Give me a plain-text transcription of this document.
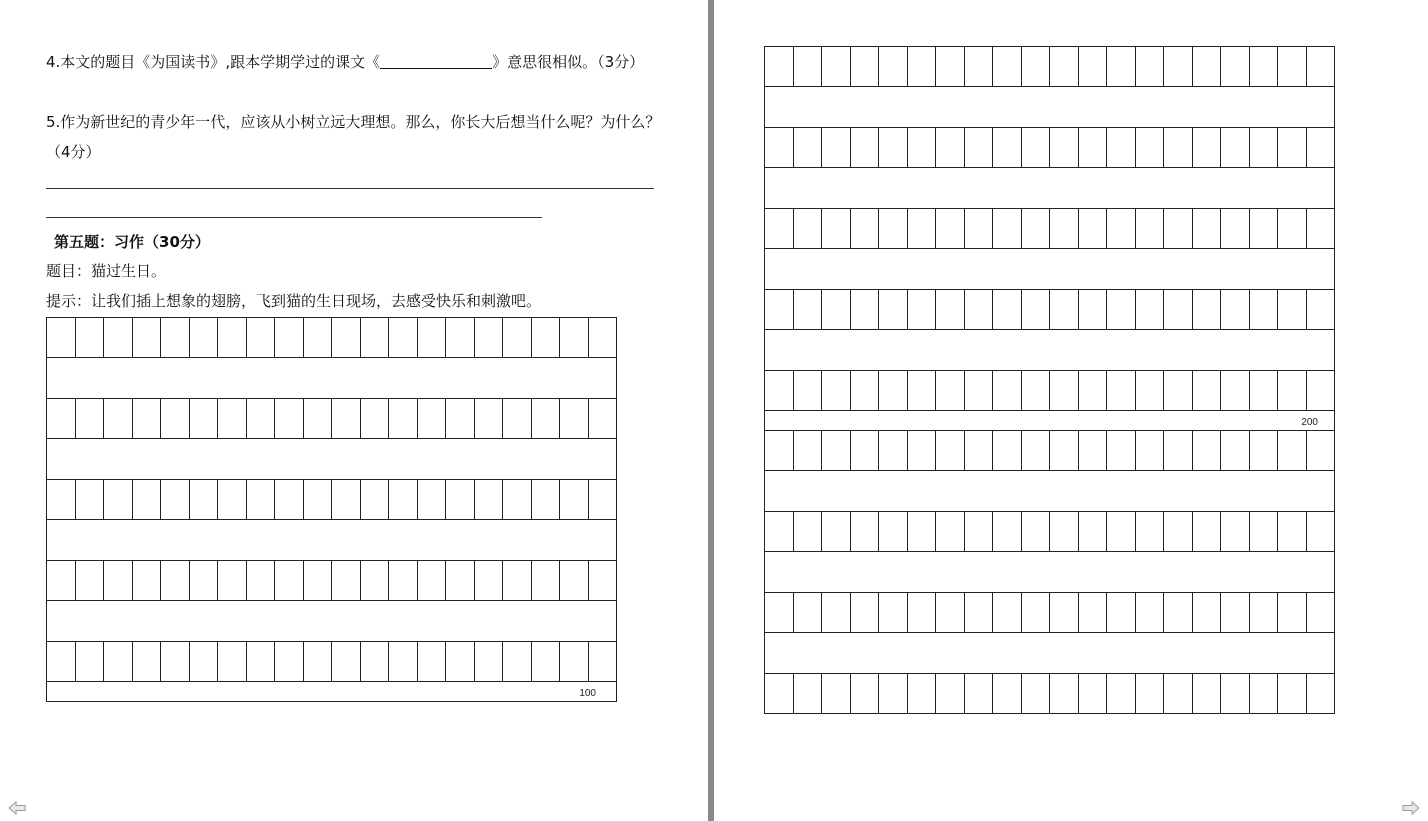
4.本文的题目《为国读书》,跟本学期学过的课文《	》意思很相似。（3分）
5.作为新世纪的青少年一代，应该从小树立远大理想。那么，你长大后想当什么呢？为什么？（4分）
第五题：习作（30分）
题目：猫过生日。
提示：让我们插上想象的翅膀，飞到猫的生日现场，去感受快乐和刺激吧。
100
200
